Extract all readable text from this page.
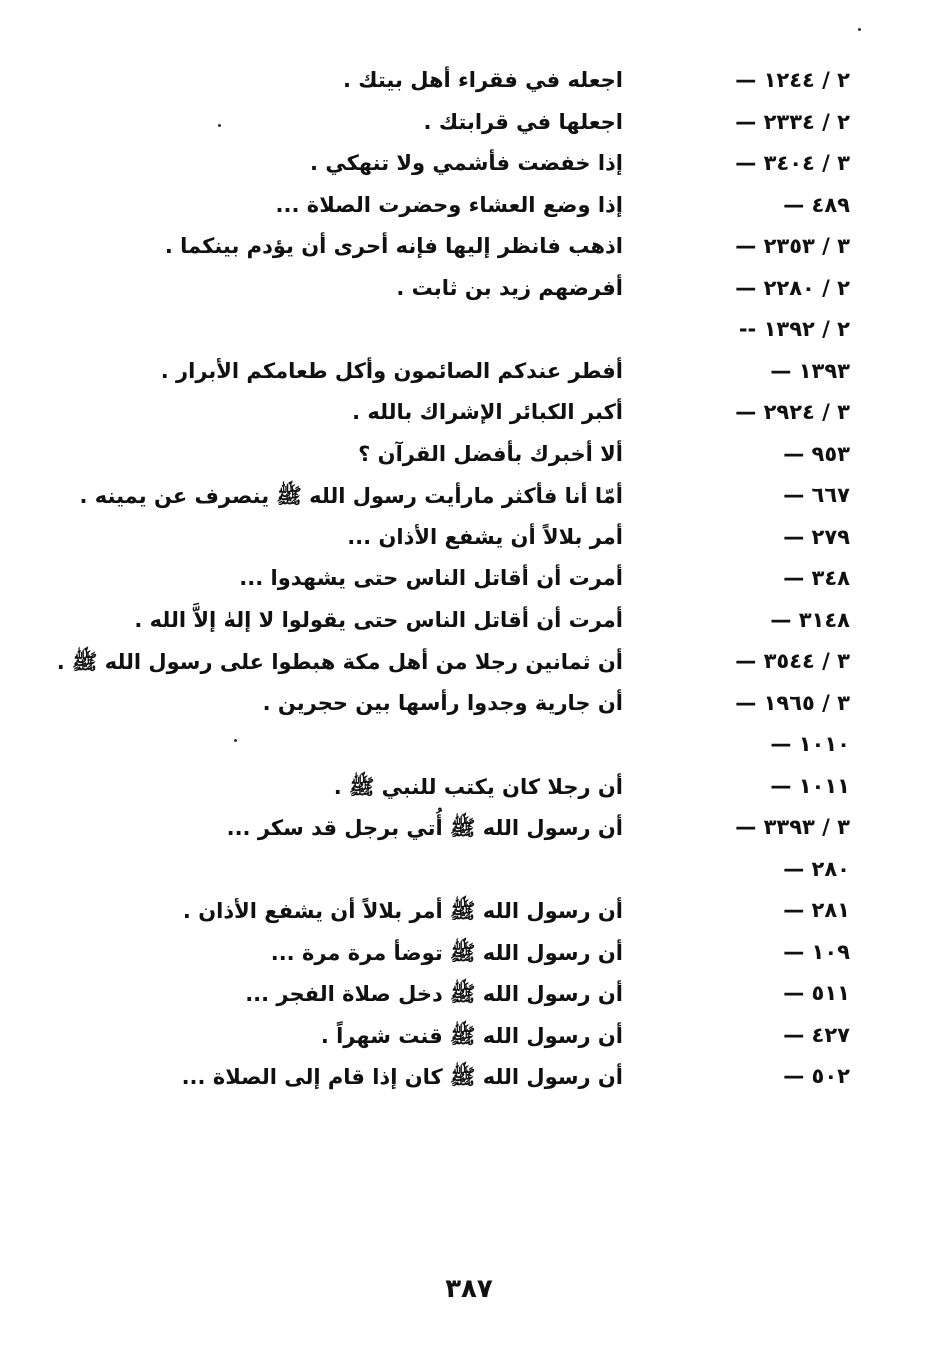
٢ / ١٢٤٤ —
اجعله في فقراء أهل بيتك .
٢ / ٢٣٣٤ —
اجعلها في قرابتك .
٣ / ٣٤٠٤ —
إذا خفضت فأشمي ولا تنهكي .
٤٨٩ —
إذا وضع العشاء وحضرت الصلاة ...
٣ / ٢٣٥٣ —
اذهب فانظر إليها فإنه أحرى أن يؤدم بينكما .
٢ / ٢٢٨٠ —
أفرضهم زيد بن ثابت .
٢ / ١٣٩٢ --
١٣٩٣ —
أفطر عندكم الصائمون وأكل طعامكم الأبرار .
٣ / ٢٩٢٤ —
أكبر الكبائر الإشراك بالله .
٩٥٣ —
ألا أخبرك بأفضل القرآن ؟
٦٦٧ —
أمّا أنا فأكثر مارأيت رسول الله ﷺ ينصرف عن يمينه .
٢٧٩ —
أمر بلالاً أن يشفع الأذان ...
٣٤٨ —
أمرت أن أقاتل الناس حتى يشهدوا ...
٣١٤٨ —
أمرت أن أقاتل الناس حتى يقولوا لا إلهٰ إلاَّ الله .
٣ / ٣٥٤٤ —
أن ثمانين رجلا من أهل مكة هبطوا على رسول الله ﷺ .
٣ / ١٩٦٥ —
أن جارية وجدوا رأسها بين حجرين .
١٠١٠ —
١٠١١ —
أن رجلا كان يكتب للنبي ﷺ .
٣ / ٣٣٩٣ —
أن رسول الله ﷺ أُتي برجل قد سكر ...
٢٨٠ —
٢٨١ —
أن رسول الله ﷺ أمر بلالاً أن يشفع الأذان .
١٠٩ —
أن رسول الله ﷺ توضأ مرة مرة ...
٥١١ —
أن رسول الله ﷺ دخل صلاة الفجر ...
٤٢٧ —
أن رسول الله ﷺ قنت شهراً .
٥٠٢ —
أن رسول الله ﷺ كان إذا قام إلى الصلاة ...
٣٨٧
